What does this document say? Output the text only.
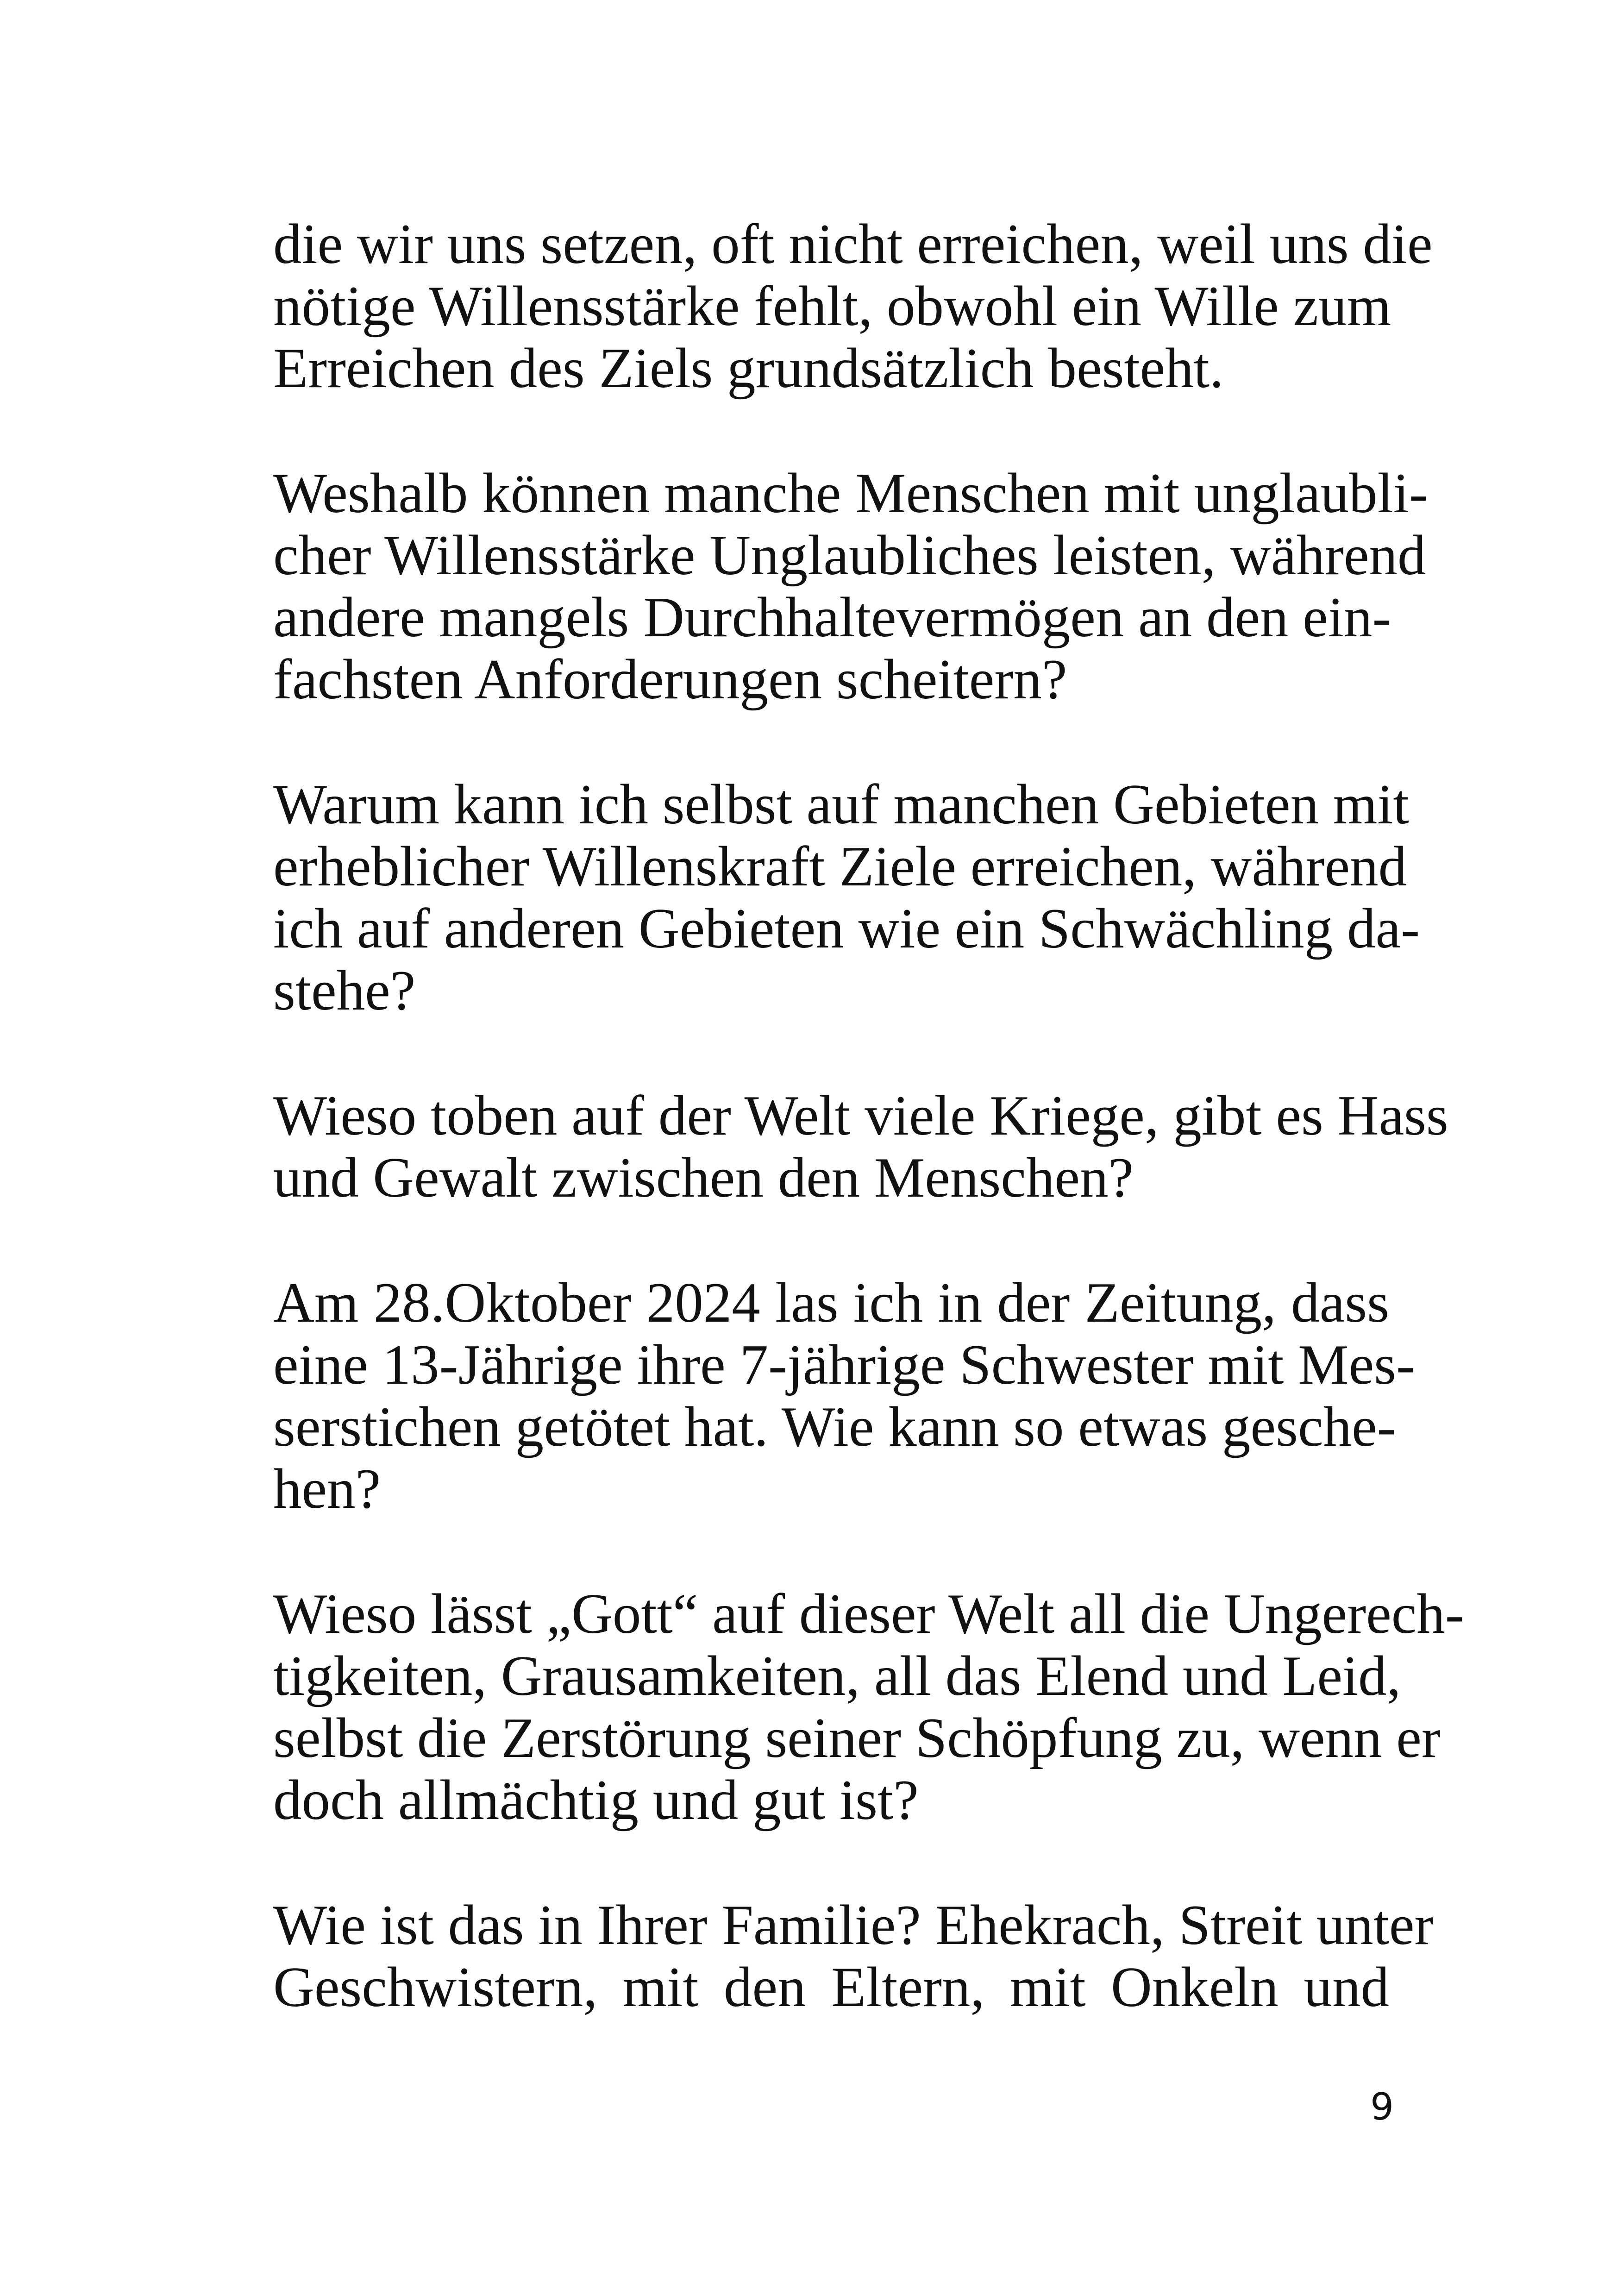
die wir uns setzen, oft nicht erreichen, weil uns die
nötige Willensstärke fehlt, obwohl ein Wille zum
Erreichen des Ziels grundsätzlich besteht.
Weshalb können manche Menschen mit unglaubli-
cher Willensstärke Unglaubliches leisten, während
andere mangels Durchhaltevermögen an den ein-
fachsten Anforderungen scheitern?
Warum kann ich selbst auf manchen Gebieten mit
erheblicher Willenskraft Ziele erreichen, während
ich auf anderen Gebieten wie ein Schwächling da-
stehe?
Wieso toben auf der Welt viele Kriege, gibt es Hass
und Gewalt zwischen den Menschen?
Am 28.Oktober 2024 las ich in der Zeitung, dass
eine 13-Jährige ihre 7-jährige Schwester mit Mes-
serstichen getötet hat. Wie kann so etwas gesche-
hen?
Wieso lässt „Gott“ auf dieser Welt all die Ungerech-
tigkeiten, Grausamkeiten, all das Elend und Leid,
selbst die Zerstörung seiner Schöpfung zu, wenn er
doch allmächtig und gut ist?
Wie ist das in Ihrer Familie? Ehekrach, Streit unter
Geschwistern, mit den Eltern, mit Onkeln und
9
